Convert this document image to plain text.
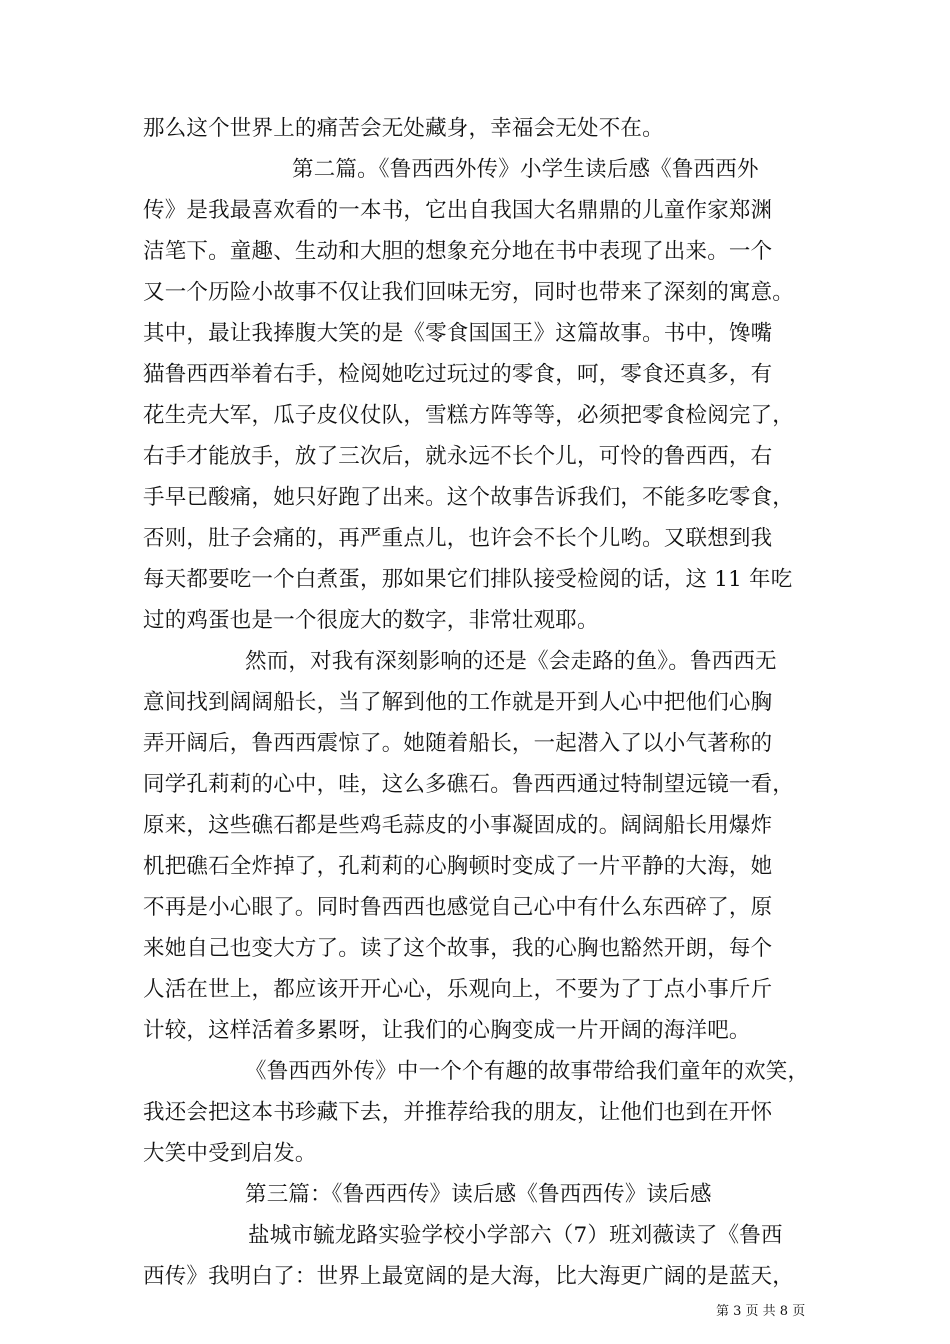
那么这个世界上的痛苦会无处藏身，幸福会无处不在。
第二篇。《鲁西西外传》小学生读后感《鲁西西外
传》是我最喜欢看的一本书，它出自我国大名鼎鼎的儿童作家郑渊
洁笔下。童趣、生动和大胆的想象充分地在书中表现了出来。一个
又一个历险小故事不仅让我们回味无穷，同时也带来了深刻的寓意。
其中，最让我捧腹大笑的是《零食国国王》这篇故事。书中，馋嘴
猫鲁西西举着右手，检阅她吃过玩过的零食，呵，零食还真多，有
花生壳大军，瓜子皮仪仗队，雪糕方阵等等，必须把零食检阅完了，
右手才能放手，放了三次后，就永远不长个儿，可怜的鲁西西，右
手早已酸痛，她只好跑了出来。这个故事告诉我们，不能多吃零食，
否则，肚子会痛的，再严重点儿，也许会不长个儿哟。又联想到我
每天都要吃一个白煮蛋，那如果它们排队接受检阅的话，这 11 年吃
过的鸡蛋也是一个很庞大的数字，非常壮观耶。
然而，对我有深刻影响的还是《会走路的鱼》。鲁西西无
意间找到阔阔船长，当了解到他的工作就是开到人心中把他们心胸
弄开阔后，鲁西西震惊了。她随着船长，一起潜入了以小气著称的
同学孔莉莉的心中，哇，这么多礁石。鲁西西通过特制望远镜一看，
原来，这些礁石都是些鸡毛蒜皮的小事凝固成的。阔阔船长用爆炸
机把礁石全炸掉了，孔莉莉的心胸顿时变成了一片平静的大海，她
不再是小心眼了。同时鲁西西也感觉自己心中有什么东西碎了，原
来她自己也变大方了。读了这个故事，我的心胸也豁然开朗，每个
人活在世上，都应该开开心心，乐观向上，不要为了丁点小事斤斤
计较，这样活着多累呀，让我们的心胸变成一片开阔的海洋吧。
《鲁西西外传》中一个个有趣的故事带给我们童年的欢笑，
我还会把这本书珍藏下去，并推荐给我的朋友，让他们也到在开怀
大笑中受到启发。
第三篇：《鲁西西传》读后感《鲁西西传》读后感
盐城市毓龙路实验学校小学部六（7）班刘薇读了《鲁西
西传》我明白了：世界上最宽阔的是大海，比大海更广阔的是蓝天，
第 3 页 共 8 页
